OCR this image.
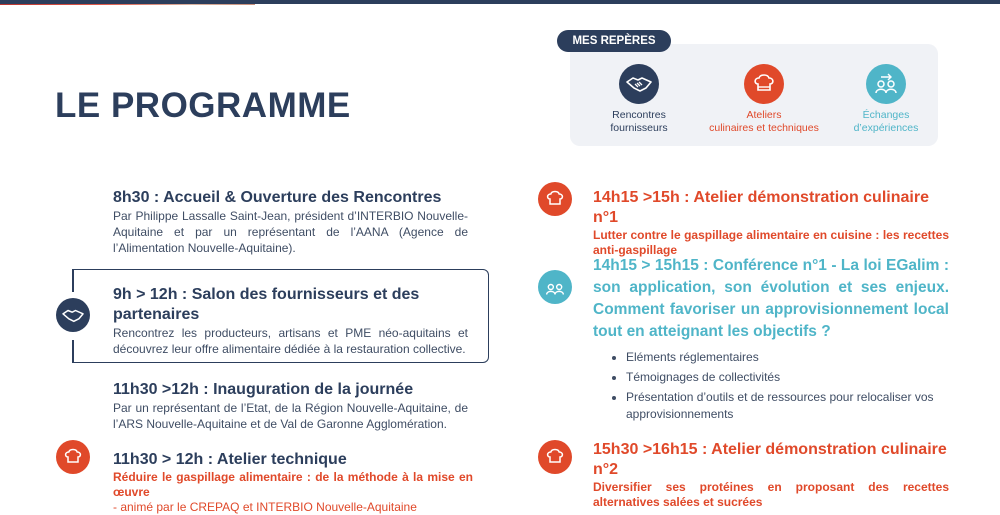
LE PROGRAMME
MES REPÈRES
Rencontres
fournisseurs
Ateliers
culinaires et techniques
Échanges
d’expériences
8h30 : Accueil & Ouverture des Rencontres

Par Philippe Lassalle Saint-Jean, président d’INTERBIO Nouvelle-Aquitaine et par un représentant de l’AANA (Agence de l’Alimentation Nouvelle-Aquitaine).

9h > 12h : Salon des fournisseurs et des partenaires

Rencontrez les producteurs, artisans et PME néo-aquitains et découvrez leur offre alimentaire dédiée à la restauration collective.

11h30 >12h : Inauguration de la journée

Par un représentant de l’Etat, de la Région Nouvelle-Aquitaine, de l’ARS Nouvelle-Aquitaine et de Val de Garonne Agglomération.

11h30 > 12h : Atelier technique
Réduire le gaspillage alimentaire : de la méthode à la mise en œuvre
- animé par le CREPAQ et INTERBIO Nouvelle-Aquitaine
14h15 >15h : Atelier démonstration culinaire n°1
Lutter contre le gaspillage alimentaire en cuisine : les recettes anti-gaspillage
14h15 > 15h15 : Conférence n°1 - La loi EGalim : son application, son évolution et ses enjeux. Comment favoriser un approvisionnement local tout en atteignant les objectifs ?
• Eléments réglementaires
• Témoignages de collectivités
• Présentation d’outils et de ressources pour relocaliser vos approvisionnements
15h30 >16h15 : Atelier démonstration culinaire n°2
Diversifier ses protéines en proposant des recettes alternatives salées et sucrées
